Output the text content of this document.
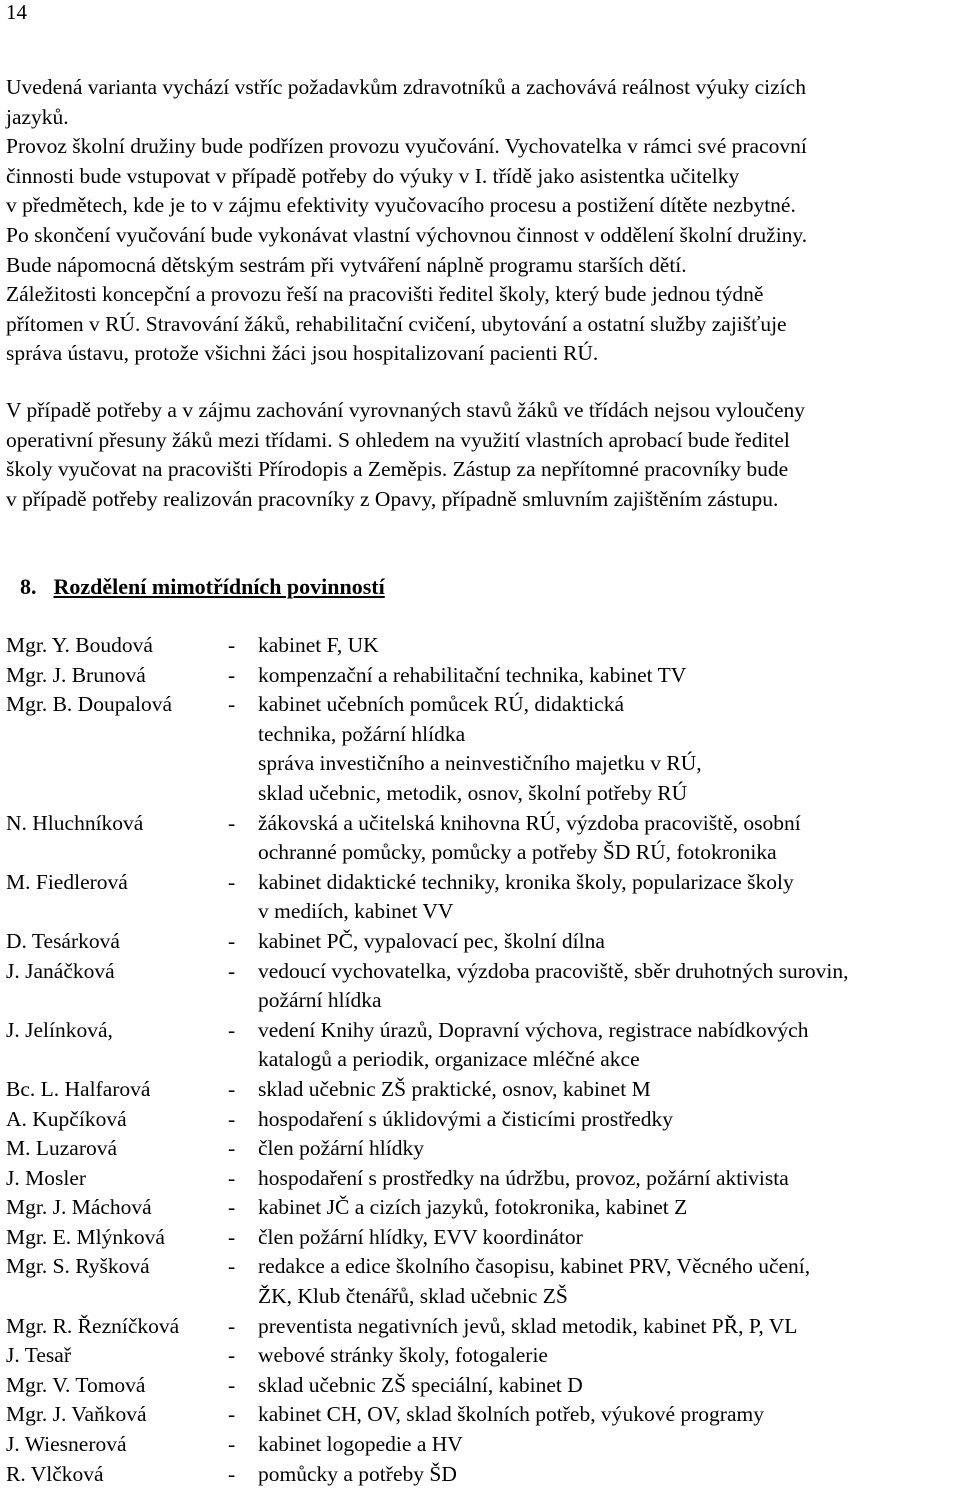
14

Uvedená varianta vychází vstříc požadavkům zdravotníků a zachovává reálnost výuky cizích
jazyků.
Provoz školní družiny bude podřízen provozu vyučování. Vychovatelka v rámci své pracovní
činnosti bude vstupovat v případě potřeby do výuky v I. třídě jako asistentka učitelky
v předmětech, kde je to v zájmu efektivity vyučovacího procesu a postižení dítěte nezbytné.
Po skončení vyučování bude vykonávat vlastní výchovnou činnost v oddělení školní družiny.
Bude nápomocná dětským sestrám při vytváření náplně programu starších dětí.
Záležitosti koncepční a provozu řeší na pracovišti ředitel školy, který bude jednou týdně
přítomen v RÚ. Stravování žáků, rehabilitační cvičení, ubytování a ostatní služby zajišťuje
správa ústavu, protože všichni žáci jsou hospitalizovaní pacienti RÚ.

V případě potřeby a v zájmu zachování vyrovnaných stavů žáků ve třídách nejsou vyloučeny
operativní přesuny žáků mezi třídami. S ohledem na využití vlastních aprobací bude ředitel
školy vyučovat na pracovišti Přírodopis a Zeměpis. Zástup za nepřítomné pracovníky bude
v případě potřeby realizován pracovníky z Opavy, případně smluvním zajištěním zástupu.

8. Rozdělení mimotřídních povinností
Mgr. Y. Boudová	-	kabinet F, UK
Mgr. J. Brunová	-	kompenzační a rehabilitační technika, kabinet TV
Mgr. B. Doupalová	-	kabinet učebních pomůcek RÚ, didaktická
technika, požární hlídka
správa investičního a neinvestičního majetku v RÚ,
sklad učebnic, metodik, osnov, školní potřeby RÚ
N. Hluchníková	-	žákovská a učitelská knihovna RÚ, výzdoba pracoviště, osobní
ochranné pomůcky, pomůcky a potřeby ŠD RÚ, fotokronika
M. Fiedlerová	-	kabinet didaktické techniky, kronika školy, popularizace školy
v mediích, kabinet VV
D. Tesárková	-	kabinet PČ, vypalovací pec, školní dílna
J. Janáčková	-	vedoucí vychovatelka, výzdoba pracoviště, sběr druhotných surovin,
požární hlídka
J. Jelínková,	-	vedení Knihy úrazů, Dopravní výchova, registrace nabídkových
katalogů a periodik, organizace mléčné akce
Bc. L. Halfarová	-	sklad učebnic ZŠ praktické, osnov, kabinet M
A. Kupčíková	-	hospodaření s úklidovými a čisticími prostředky
M. Luzarová	-	člen požární hlídky
J. Mosler	-	hospodaření s prostředky na údržbu, provoz, požární aktivista
Mgr. J. Máchová	-	kabinet JČ a cizích jazyků, fotokronika, kabinet Z
Mgr. E. Mlýnková	-	člen požární hlídky, EVV koordinátor
Mgr. S. Ryšková	-	redakce a edice školního časopisu, kabinet PRV, Věcného učení,
ŽK, Klub čtenářů, sklad učebnic ZŠ
Mgr. R. Řezníčková	-	preventista negativních jevů, sklad metodik, kabinet PŘ, P, VL
J. Tesař	-	webové stránky školy, fotogalerie
Mgr. V. Tomová	-	sklad učebnic ZŠ speciální, kabinet D
Mgr. J. Vaňková	-	kabinet CH, OV, sklad školních potřeb, výukové programy
J. Wiesnerová	-	kabinet logopedie a HV
R. Vlčková	-	pomůcky a potřeby ŠD
